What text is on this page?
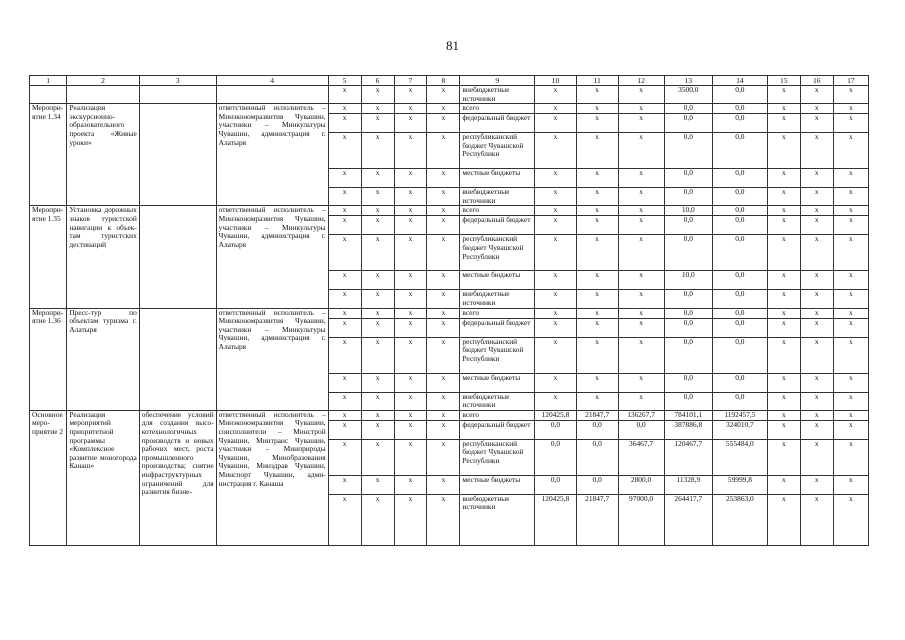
81
1	2	3	4	5	6	7	8	9	10	11	12	13	14	15	16	17
				x	x	x	x	внебюджетные источники	x	x	x	3500,0	0,0	x	x	x
Мероприятие 1.34	Реализация экскурсионно-образовательного проекта «Живые уроки»		ответственный исполнитель – Минэкономразвития Чувашии, участники – Минкультуры Чувашии, администрация г. Алатыря	x	x	x	x	всего	x	x	x	0,0	0,0	x	x	x
				x	x	x	x	федеральный бюджет	x	x	x	0,0	0,0	x	x	x
				x	x	x	x	республиканский бюджет Чувашской Республики	x	x	x	0,0	0,0	x	x	x
				x	x	x	x	местные бюджеты	x	x	x	0,0	0,0	x	x	x
				x	x	x	x	внебюджетные источники	x	x	x	0,0	0,0	x	x	x
Мероприятие 1.35	Установка дорожных знаков туристской навигации к объектам туристских дестинаций		ответственный исполнитель – Минэкономразвития Чувашии, участники – Минкультуры Чувашии, администрация г. Алатыря	x	x	x	x	всего	x	x	x	10,0	0,0	x	x	x
				x	x	x	x	федеральный бюджет	x	x	x	0,0	0,0	x	x	x
				x	x	x	x	республиканский бюджет Чувашской Республики	x	x	x	0,0	0,0	x	x	x
				x	x	x	x	местные бюджеты	x	x	x	10,0	0,0	x	x	x
				x	x	x	x	внебюджетные источники	x	x	x	0,0	0,0	x	x	x
Мероприятие 1.36	Пресс-тур по объектам туризма г. Алатыря		ответственный исполнитель – Минэкономразвития Чувашии, участники – Минкультуры Чувашии, администрация г. Алатыря	x	x	x	x	всего	x	x	x	0,0	0,0	x	x	x
				x	x	x	x	федеральный бюджет	x	x	x	0,0	0,0	x	x	x
				x	x	x	x	республиканский бюджет Чувашской Республики	x	x	x	0,0	0,0	x	x	x
				x	x	x	x	местные бюджеты	x	x	x	0,0	0,0	x	x	x
				x	x	x	x	внебюджетные источники	x	x	x	0,0	0,0	x	x	x
Основное мероприятие 2	Реализация мероприятий приоритетной программы «Комплексное развитие моногорода Канаш»	обеспечение условий для создания высокотехнологичных производств и новых рабочих мест, роста промышленного производства; снятие инфраструктурных ограничений для развития бизне-	ответственный исполнитель – Минэкономразвития Чувашии, соисполнители – Минстрой Чувашии, Минтранс Чувашии, участники – Минприроды Чувашии, Минобразования Чувашии, Минздрав Чувашии, Минспорт Чувашии, администрация г. Канаша	x	x	x	x	всего	120425,8	21847,7	136267,7	784101,1	1192457,5	x	x	x
				x	x	x	x	федеральный бюджет	0,0	0,0	0,0	387886,8	324010,7	x	x	x
				x	x	x	x	республиканский бюджет Чувашской Республики	0,0	0,0	36467,7	120467,7	555484,0	x	x	x
				x	x	x	x	местные бюджеты	0,0	0,0	2800,0	11328,9	59999,8	x	x	x
				x	x	x	x	внебюджетные источники	120425,8	21847,7	97000,0	264417,7	253863,0	x	x	x
